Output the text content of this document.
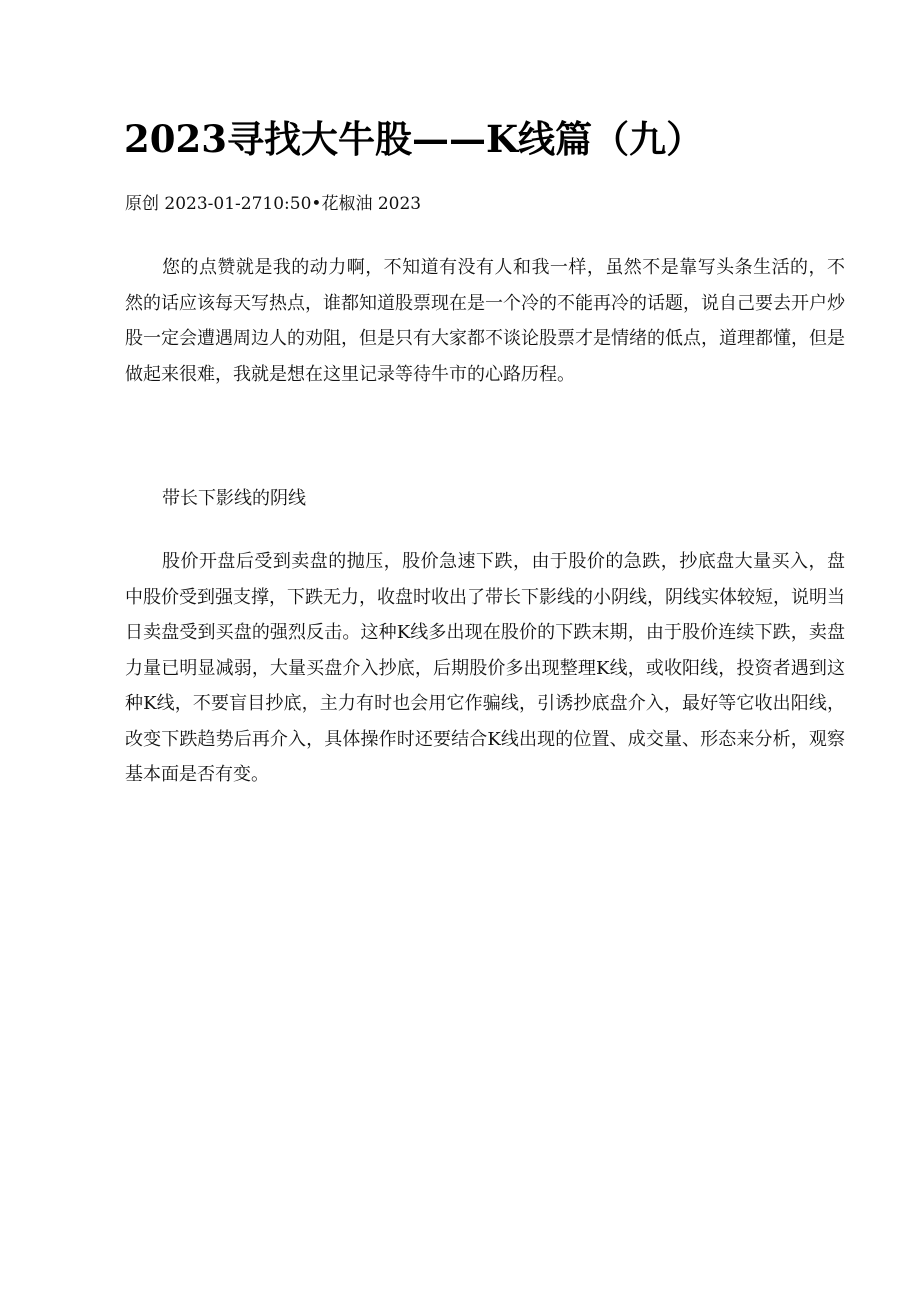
2023寻找大牛股——K线篇（九）
原创 2023-01-2710:50•花椒油 2023

您的点赞就是我的动力啊，不知道有没有人和我一样，虽然不是靠写头条生活的，不然的话应该每天写热点，谁都知道股票现在是一个冷的不能再冷的话题，说自己要去开户炒股一定会遭遇周边人的劝阻，但是只有大家都不谈论股票才是情绪的低点，道理都懂，但是做起来很难，我就是想在这里记录等待牛市的心路历程。

带长下影线的阴线

股价开盘后受到卖盘的抛压，股价急速下跌，由于股价的急跌，抄底盘大量买入，盘中股价受到强支撑，下跌无力，收盘时收出了带长下影线的小阴线，阴线实体较短，说明当日卖盘受到买盘的强烈反击。这种K线多出现在股价的下跌末期，由于股价连续下跌，卖盘力量已明显减弱，大量买盘介入抄底，后期股价多出现整理K线，或收阳线，投资者遇到这种K线，不要盲目抄底，主力有时也会用它作骗线，引诱抄底盘介入，最好等它收出阳线，改变下跌趋势后再介入，具体操作时还要结合K线出现的位置、成交量、形态来分析，观察基本面是否有变。
